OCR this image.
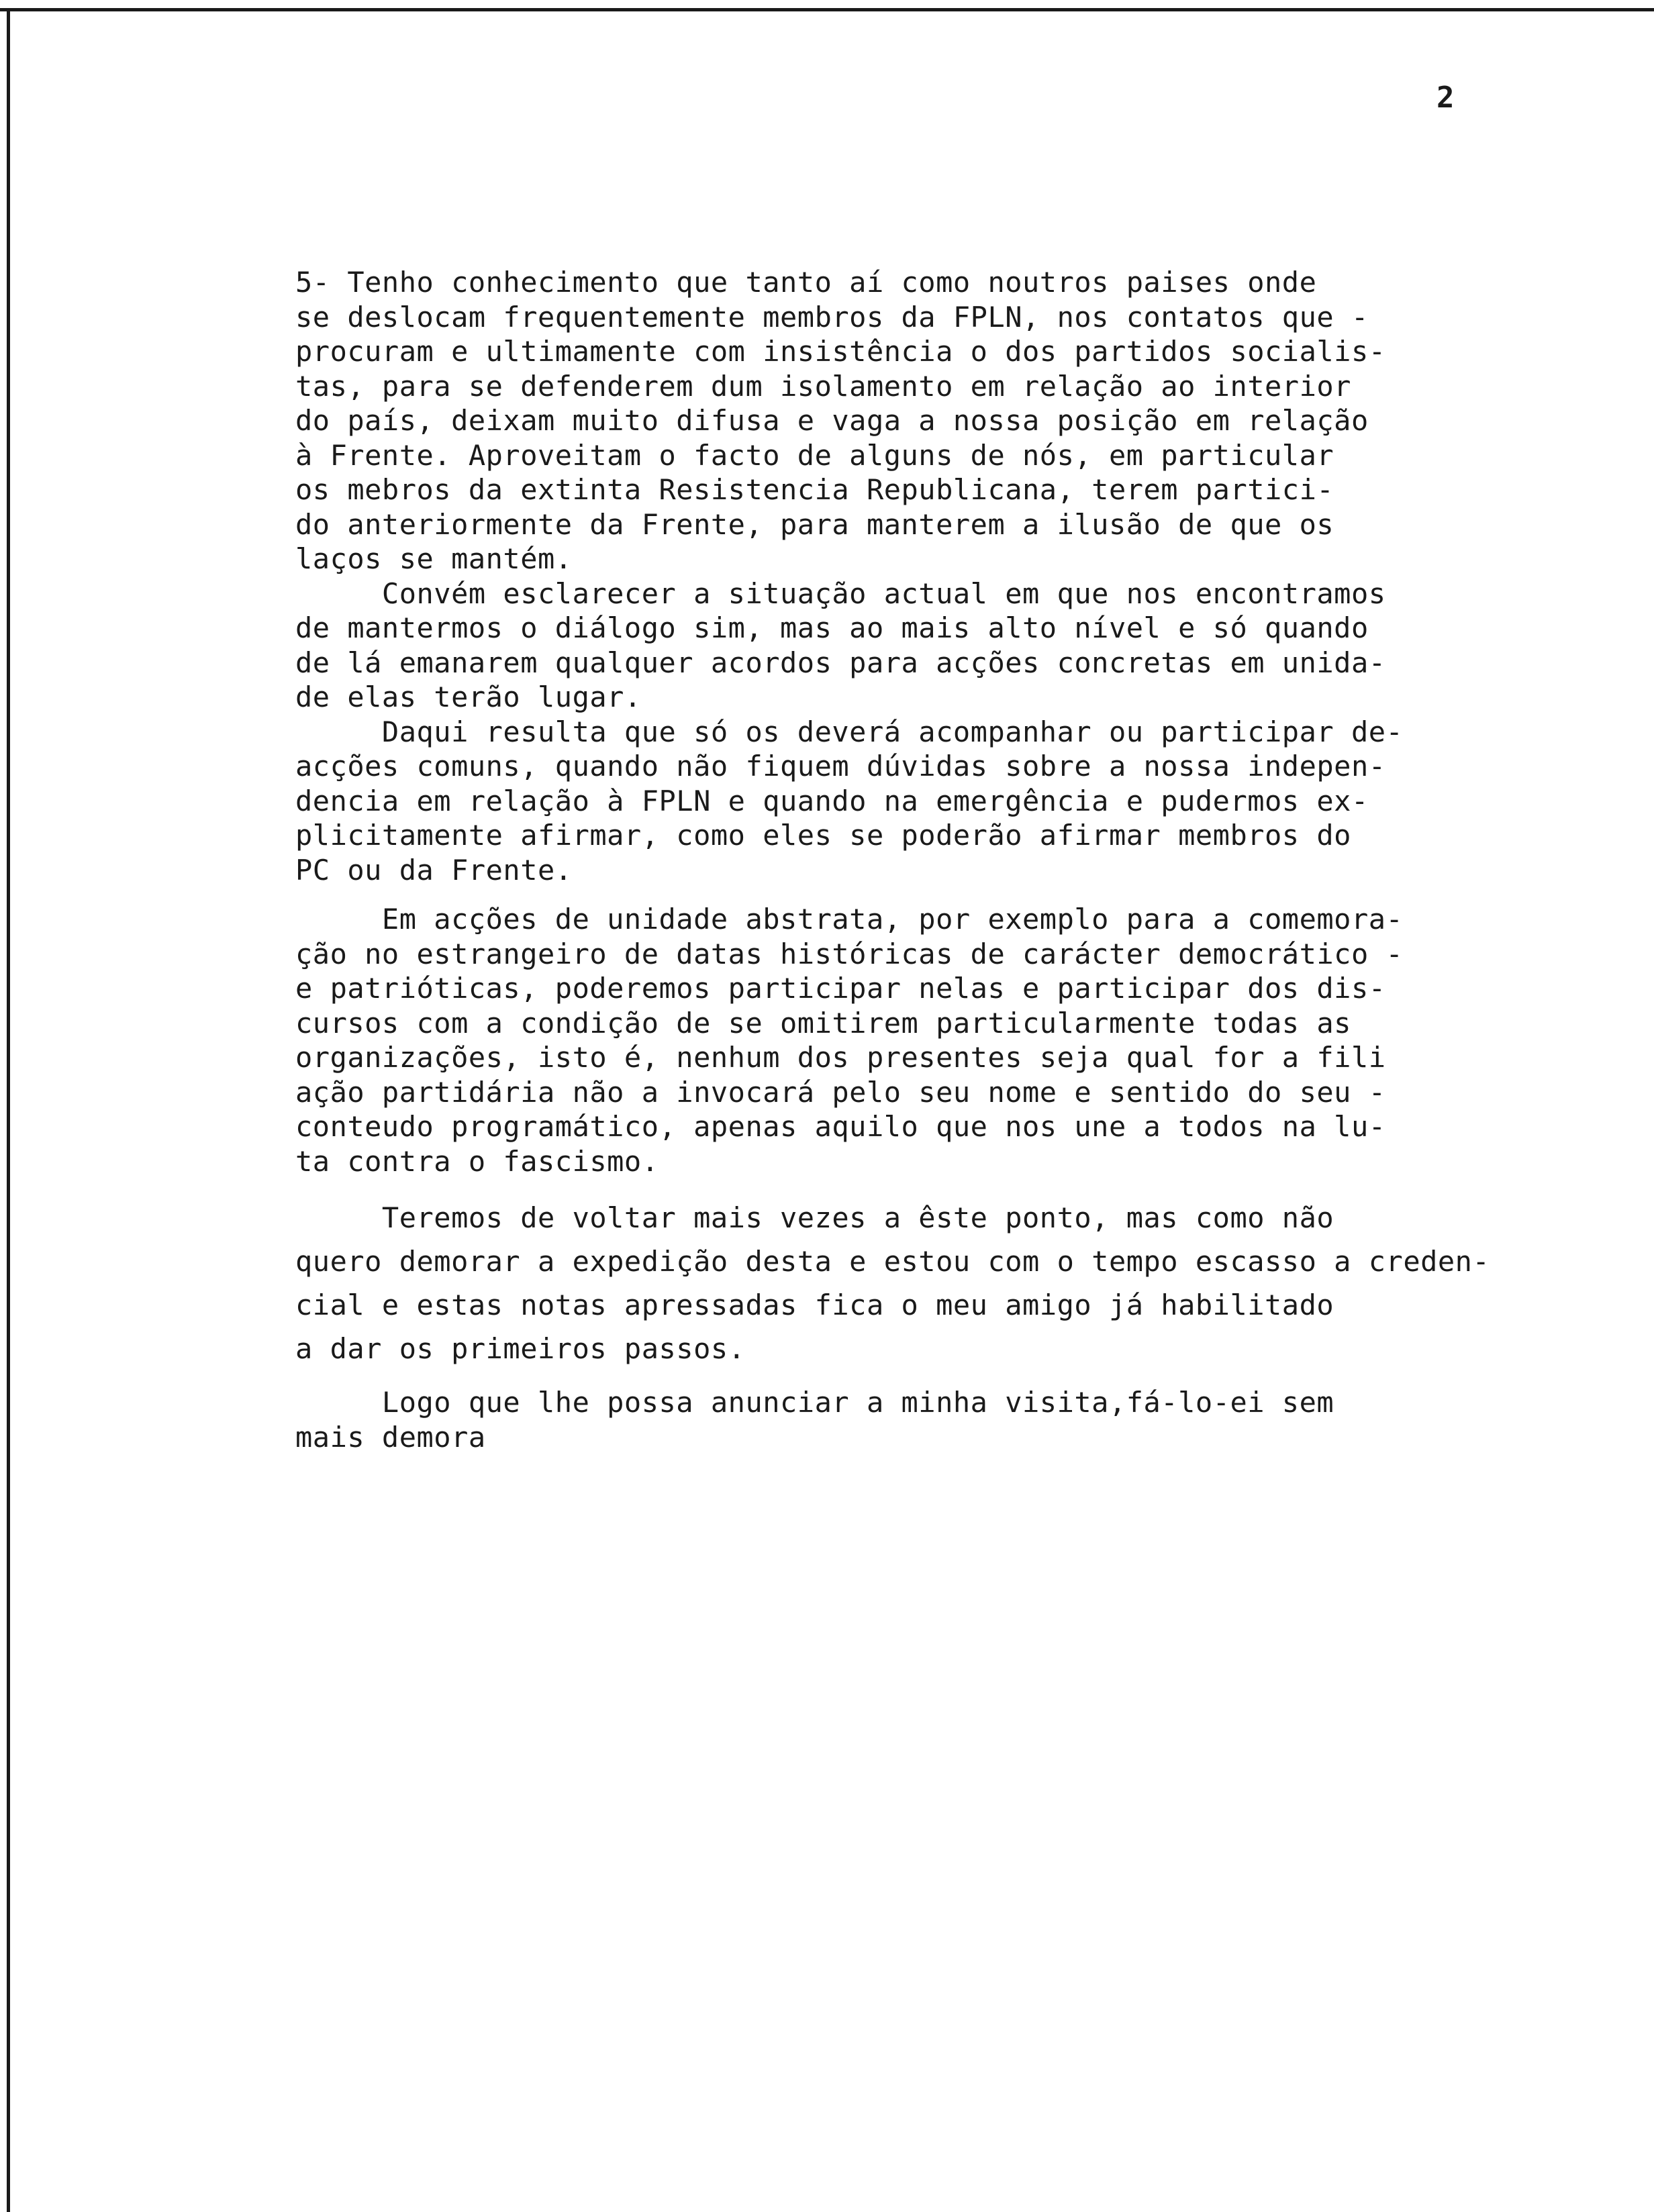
2
5- Tenho conhecimento que tanto aí como noutros paises onde
se deslocam frequentemente membros da FPLN, nos contatos que -
procuram e ultimamente com insistência o dos partidos socialis-
tas, para se defenderem dum isolamento em relação ao interior
do país, deixam muito difusa e vaga a nossa posição em relação
à Frente. Aproveitam o facto de alguns de nós, em particular
os mebros da extinta Resistencia Republicana, terem partici-
do anteriormente da Frente, para manterem a ilusão de que os
laços se mantém.
Convém esclarecer a situação actual em que nos encontramos
de mantermos o diálogo sim, mas ao mais alto nível e só quando
de lá emanarem qualquer acordos para acções concretas em unida-
de elas terão lugar.
Daqui resulta que só os deverá acompanhar ou participar de-
acções comuns, quando não fiquem dúvidas sobre a nossa indepen-
dencia em relação à FPLN e quando na emergência e pudermos ex-
plicitamente afirmar, como eles se poderão afirmar membros do
PC ou da Frente.
Em acções de unidade abstrata, por exemplo para a comemora-
ção no estrangeiro de datas históricas de carácter democrático -
e patrióticas, poderemos participar nelas e participar dos dis-
cursos com a condição de se omitirem particularmente todas as
organizações, isto é, nenhum dos presentes seja qual for a fili
ação partidária não a invocará pelo seu nome e sentido do seu -
conteudo programático, apenas aquilo que nos une a todos na lu-
ta contra o fascismo.
Teremos de voltar mais vezes a êste ponto, mas como não
quero demorar a expedição desta e estou com o tempo escasso a creden-
cial e estas notas apressadas fica o meu amigo já habilitado
a dar os primeiros passos.
Logo que lhe possa anunciar a minha visita,fá-lo-ei sem
mais demora
